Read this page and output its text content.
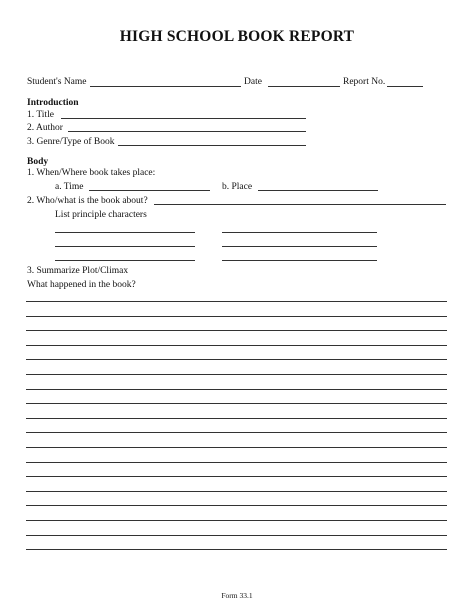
HIGH SCHOOL BOOK REPORT
Student's Name	Date	Report No.
Introduction
1. Title
2. Author
3. Genre/Type of Book
Body
1. When/Where book takes place:
a. Time	b. Place
2. Who/what is the book about?
List principle characters
3. Summarize Plot/Climax
What happened in the book?
Form 33.1
